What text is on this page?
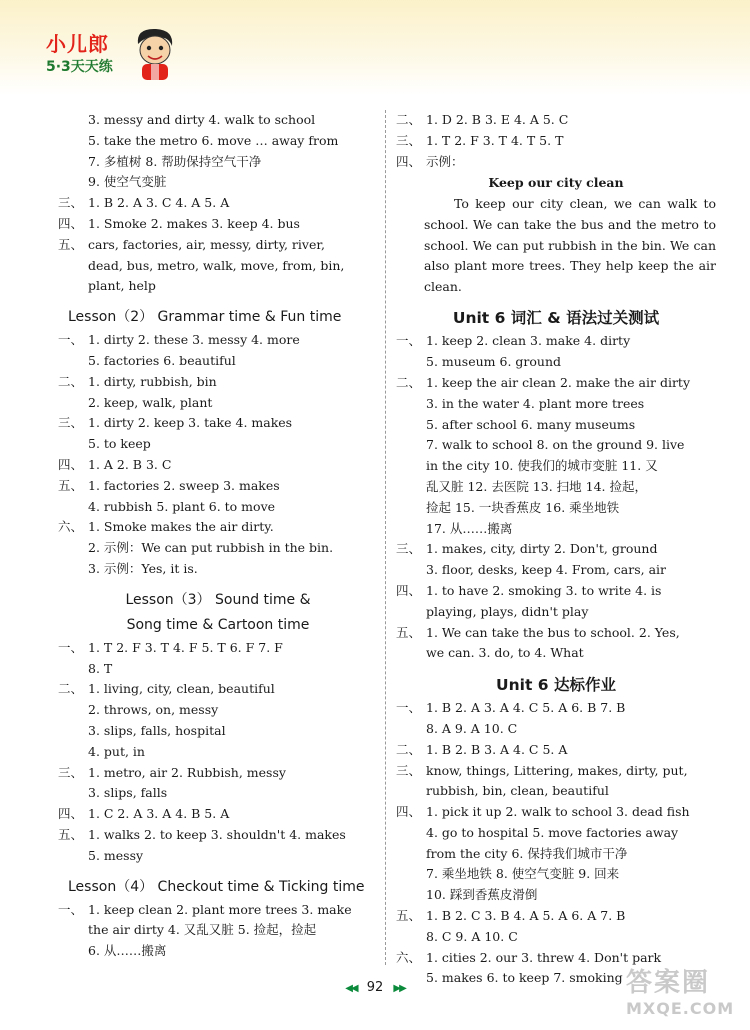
小儿郎
5·3天天练
3. messy and dirty 4. walk to school
5. take the metro 6. move … away from
7. 多植树 8. 帮助保持空气干净
9. 使空气变脏
三、 1. B 2. A 3. C 4. A 5. A
四、 1. Smoke 2. makes 3. keep 4. bus
五、 cars, factories, air, messy, dirty, river,
dead, bus, metro, walk, move, from, bin,
plant, help
Lesson（2） Grammar time & Fun time
一、 1. dirty 2. these 3. messy 4. more
5. factories 6. beautiful
二、 1. dirty, rubbish, bin
2. keep, walk, plant
三、 1. dirty 2. keep 3. take 4. makes
5. to keep
四、 1. A 2. B 3. C
五、 1. factories 2. sweep 3. makes
4. rubbish 5. plant 6. to move
六、 1. Smoke makes the air dirty.
2. 示例：We can put rubbish in the bin.
3. 示例：Yes, it is.
Lesson（3） Sound time &
Song time & Cartoon time
一、 1. T 2. F 3. T 4. F 5. T 6. F 7. F
8. T
二、 1. living, city, clean, beautiful
2. throws, on, messy
3. slips, falls, hospital
4. put, in
三、 1. metro, air 2. Rubbish, messy
3. slips, falls
四、 1. C 2. A 3. A 4. B 5. A
五、 1. walks 2. to keep 3. shouldn't 4. makes
5. messy
Lesson（4） Checkout time & Ticking time
一、 1. keep clean 2. plant more trees 3. make
the air dirty 4. 又乱又脏 5. 捡起，捡起
6. 从……搬离
二、 1. D 2. B 3. E 4. A 5. C
三、 1. T 2. F 3. T 4. T 5. T
四、 示例：
Keep our city clean
To keep our city clean, we can walk to school. We can take the bus and the metro to school. We can put rubbish in the bin. We can also plant more trees. They help keep the air clean.
Unit 6 词汇 & 语法过关测试
一、 1. keep 2. clean 3. make 4. dirty
5. museum 6. ground
二、 1. keep the air clean 2. make the air dirty
3. in the water 4. plant more trees
5. after school 6. many museums
7. walk to school 8. on the ground 9. live
in the city 10. 使我们的城市变脏 11. 又
乱又脏 12. 去医院 13. 扫地 14. 捡起，
捡起 15. 一块香蕉皮 16. 乘坐地铁
17. 从……搬离
三、 1. makes, city, dirty 2. Don't, ground
3. floor, desks, keep 4. From, cars, air
四、 1. to have 2. smoking 3. to write 4. is
playing, plays, didn't play
五、 1. We can take the bus to school. 2. Yes,
we can. 3. do, to 4. What
Unit 6 达标作业
一、 1. B 2. A 3. A 4. C 5. A 6. B 7. B
8. A 9. A 10. C
二、 1. B 2. B 3. A 4. C 5. A
三、 know, things, Littering, makes, dirty, put,
rubbish, bin, clean, beautiful
四、 1. pick it up 2. walk to school 3. dead fish
4. go to hospital 5. move factories away
from the city 6. 保持我们城市干净
7. 乘坐地铁 8. 使空气变脏 9. 回来
10. 踩到香蕉皮滑倒
五、 1. B 2. C 3. B 4. A 5. A 6. A 7. B
8. C 9. A 10. C
六、 1. cities 2. our 3. threw 4. Don't park
5. makes 6. to keep 7. smoking
◀◀ 92 ▶▶	答案圈
MXQE.COM
